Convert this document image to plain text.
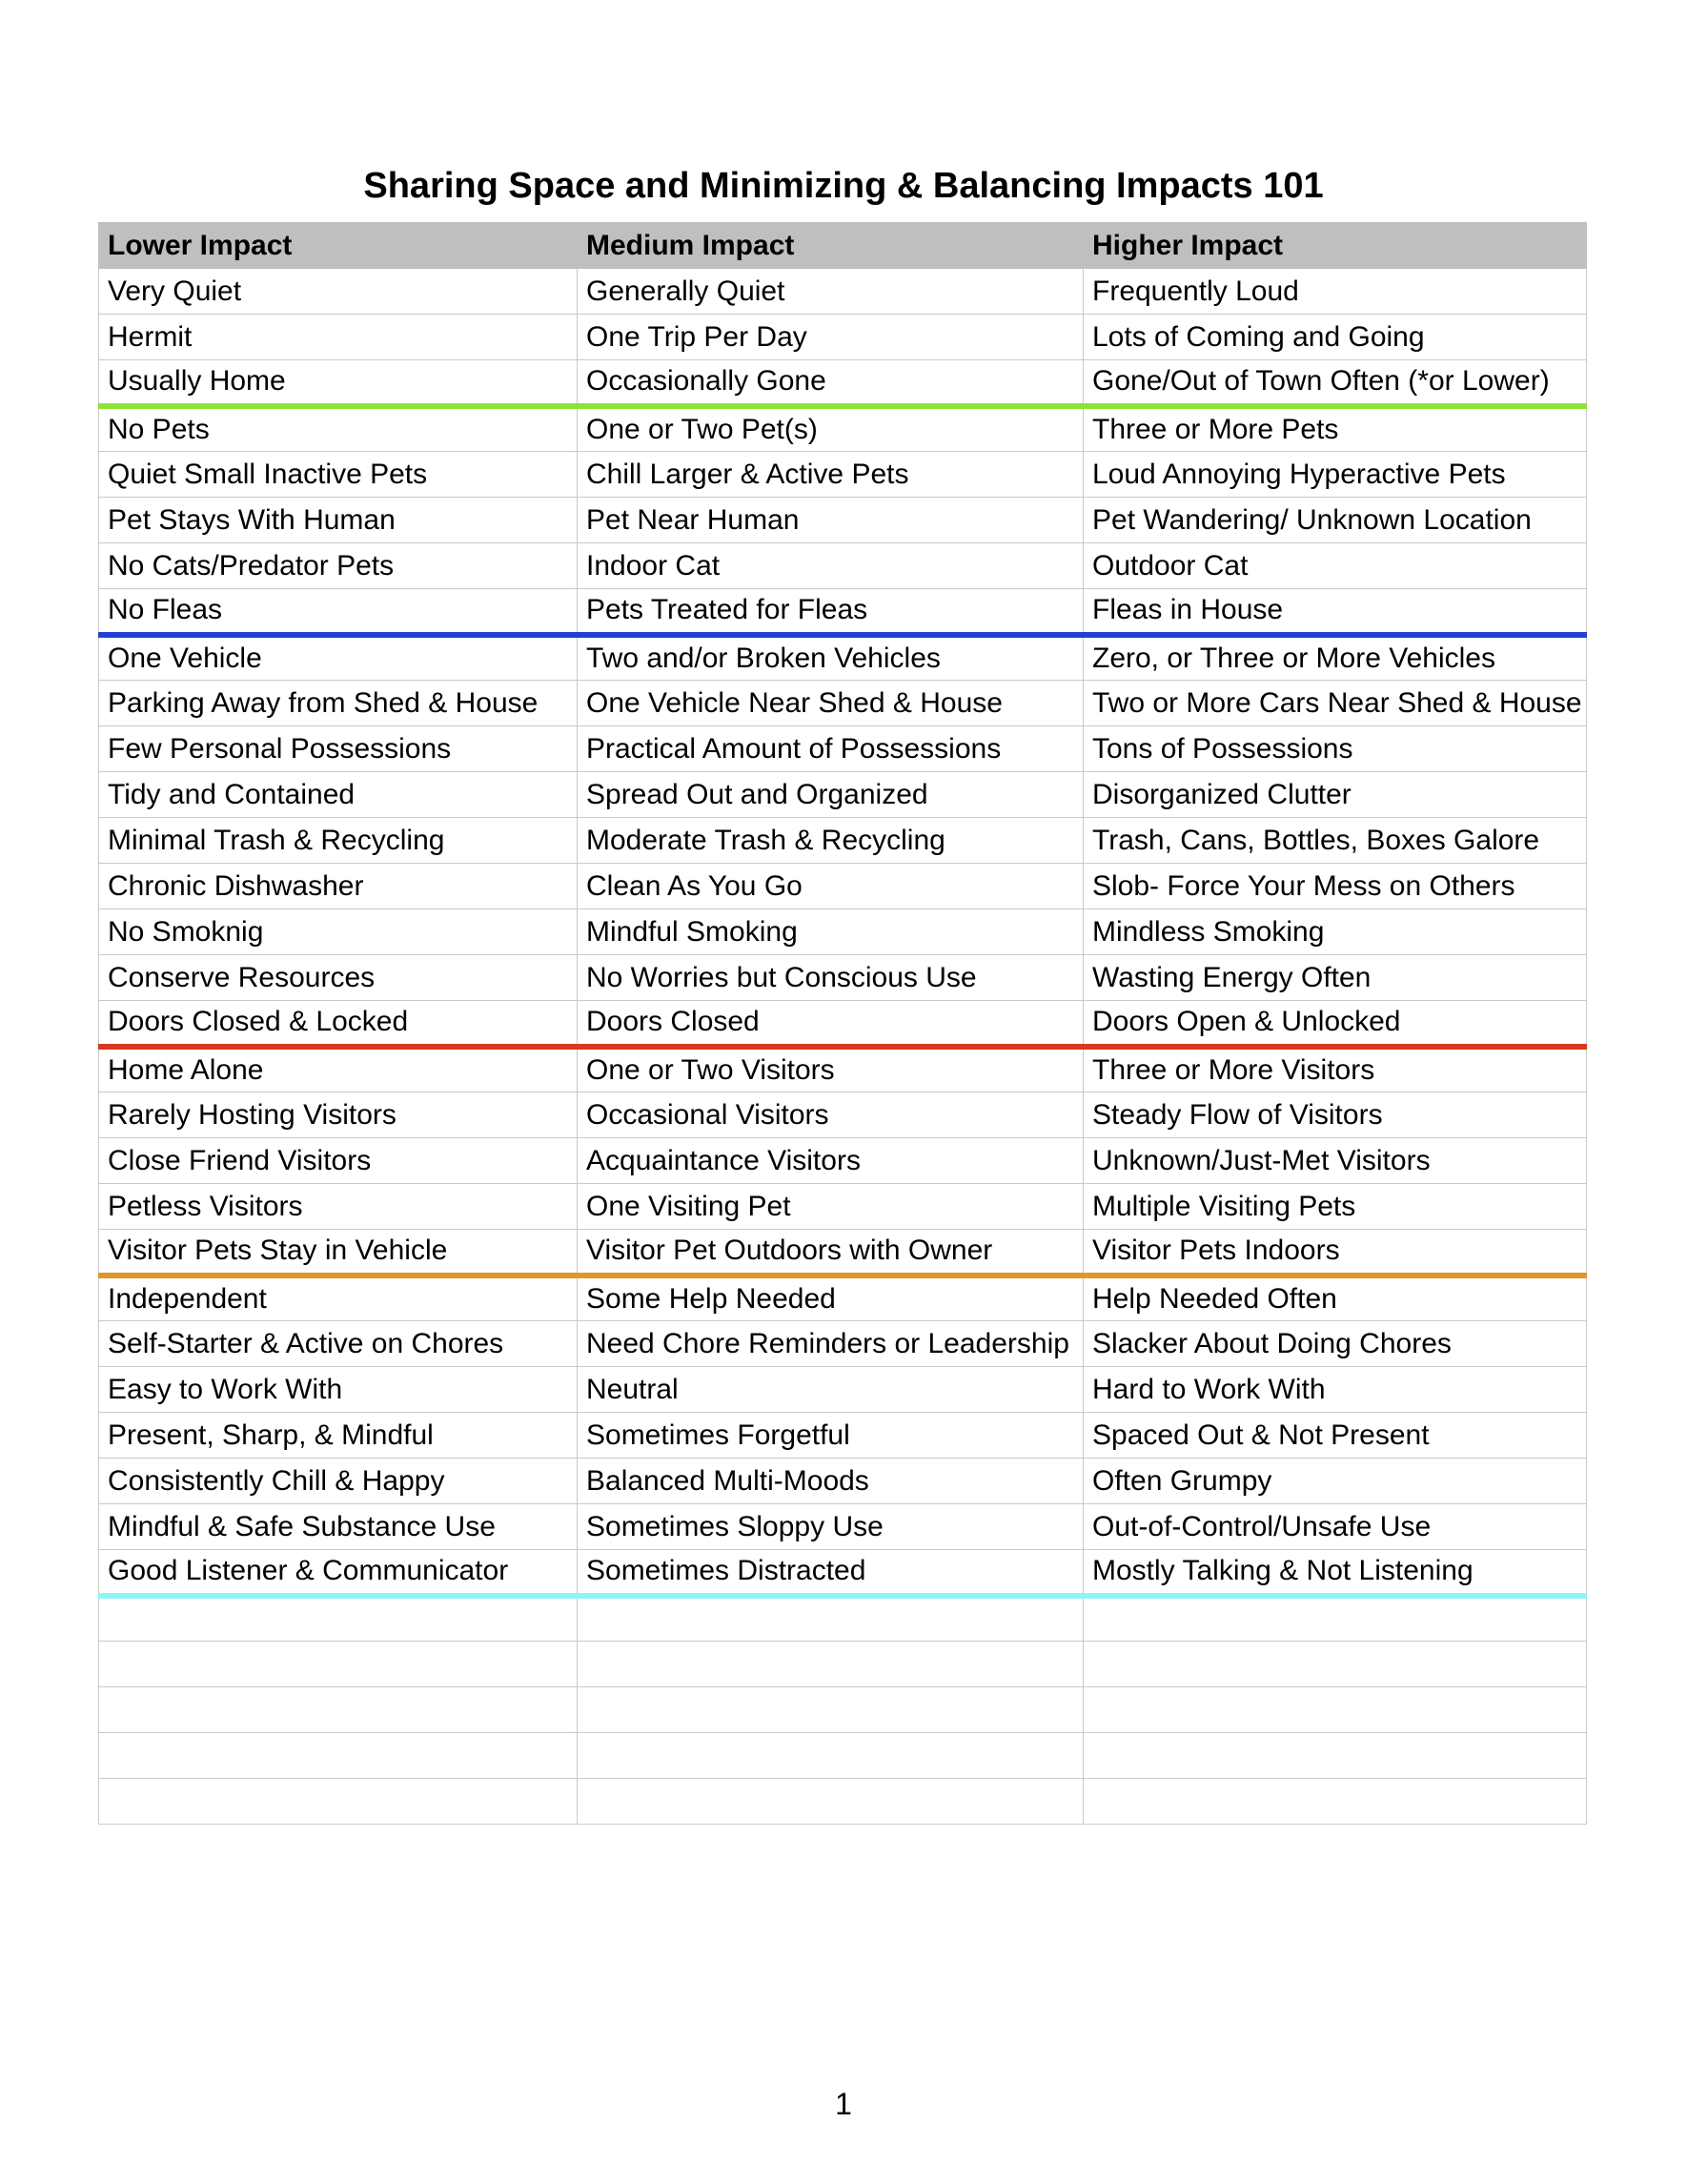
Sharing Space and Minimizing & Balancing Impacts 101
Lower Impact	Medium Impact	Higher Impact
Very Quiet	Generally Quiet	Frequently Loud
Hermit	One Trip Per Day	Lots of Coming and Going
Usually Home	Occasionally Gone	Gone/Out of Town Often (*or Lower)
No Pets	One or Two Pet(s)	Three or More Pets
Quiet Small Inactive Pets	Chill Larger & Active Pets	Loud Annoying Hyperactive Pets
Pet Stays With Human	Pet Near Human	Pet Wandering/ Unknown Location
No Cats/Predator Pets	Indoor Cat	Outdoor Cat
No Fleas	Pets Treated for Fleas	Fleas in House
One Vehicle	Two and/or Broken Vehicles	Zero, or Three or More Vehicles
Parking Away from Shed & House	One Vehicle Near Shed & House	Two or More Cars Near Shed & House
Few Personal Possessions	Practical Amount of Possessions	Tons of Possessions
Tidy and Contained	Spread Out and Organized	Disorganized Clutter
Minimal Trash & Recycling	Moderate Trash & Recycling	Trash, Cans, Bottles, Boxes Galore
Chronic Dishwasher	Clean As You Go	Slob- Force Your Mess on Others
No Smoknig	Mindful Smoking	Mindless Smoking
Conserve Resources	No Worries but Conscious Use	Wasting Energy Often
Doors Closed & Locked	Doors Closed	Doors Open & Unlocked
Home Alone	One or Two Visitors	Three or More Visitors
Rarely Hosting Visitors	Occasional Visitors	Steady Flow of Visitors
Close Friend Visitors	Acquaintance Visitors	Unknown/Just-Met Visitors
Petless Visitors	One Visiting Pet	Multiple Visiting Pets
Visitor Pets Stay in Vehicle	Visitor Pet Outdoors with Owner	Visitor Pets Indoors
Independent	Some Help Needed	Help Needed Often
Self-Starter & Active on Chores	Need Chore Reminders or Leadership	Slacker About Doing Chores
Easy to Work With	Neutral	Hard to Work With
Present, Sharp, & Mindful	Sometimes Forgetful	Spaced Out & Not Present
Consistently Chill & Happy	Balanced Multi-Moods	Often Grumpy
Mindful & Safe Substance Use	Sometimes Sloppy Use	Out-of-Control/Unsafe Use
Good Listener & Communicator	Sometimes Distracted	Mostly Talking & Not Listening

1
